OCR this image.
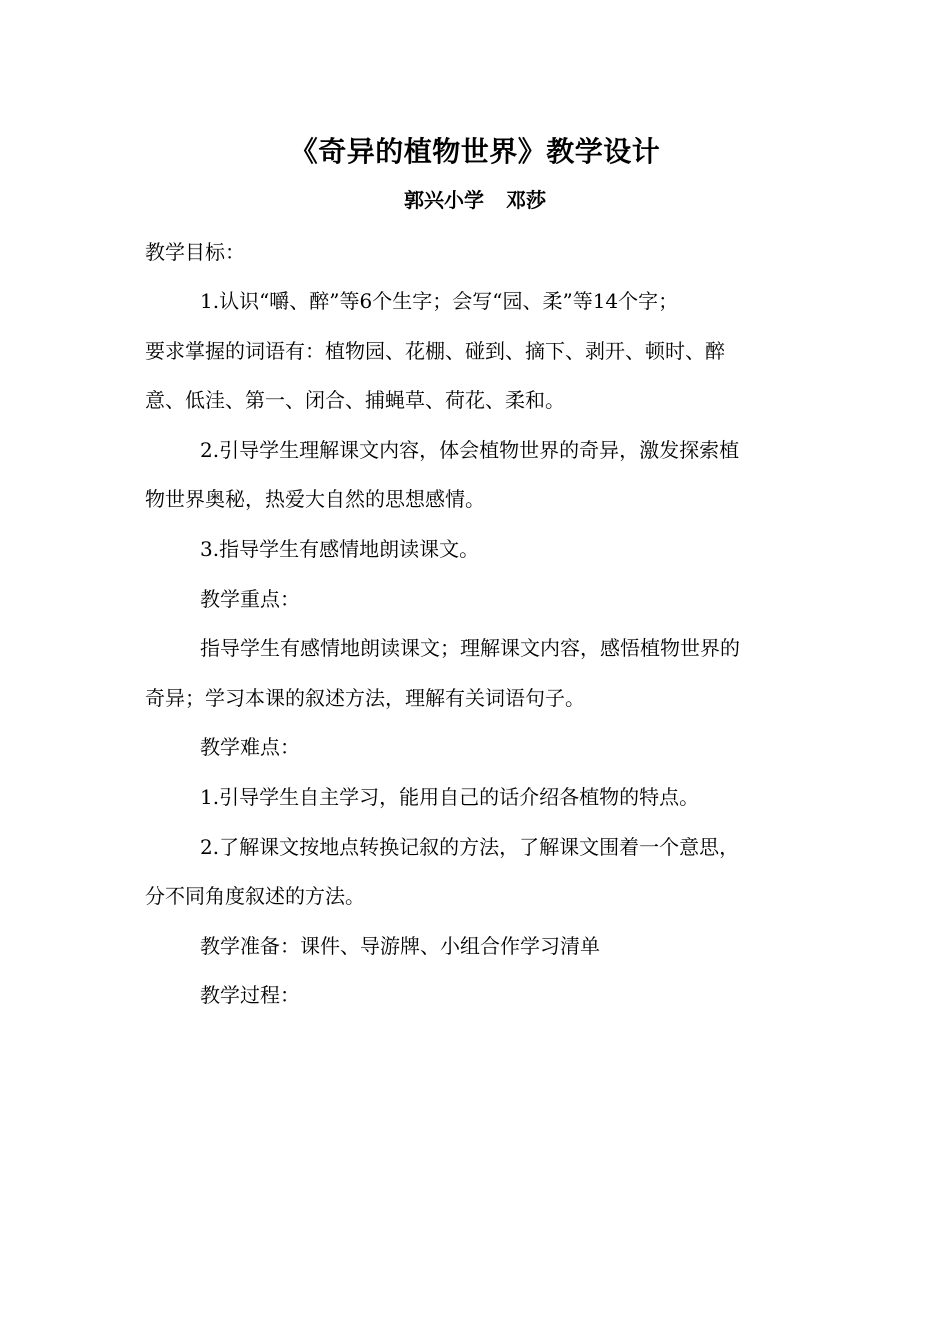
《奇异的植物世界》教学设计

郭兴小学 邓莎

教学目标：

1.认识“嚼、醉”等6个生字；会写“园、柔”等14个字；

要求掌握的词语有：植物园、花棚、碰到、摘下、剥开、顿时、醉

意、低洼、第一、闭合、捕蝇草、荷花、柔和。

2.引导学生理解课文内容，体会植物世界的奇异，激发探索植

物世界奥秘，热爱大自然的思想感情。

3.指导学生有感情地朗读课文。

教学重点：

指导学生有感情地朗读课文；理解课文内容，感悟植物世界的

奇异；学习本课的叙述方法，理解有关词语句子。

教学难点：

1.引导学生自主学习，能用自己的话介绍各植物的特点。

2.了解课文按地点转换记叙的方法，了解课文围着一个意思，

分不同角度叙述的方法。

教学准备：课件、导游牌、小组合作学习清单

教学过程：
